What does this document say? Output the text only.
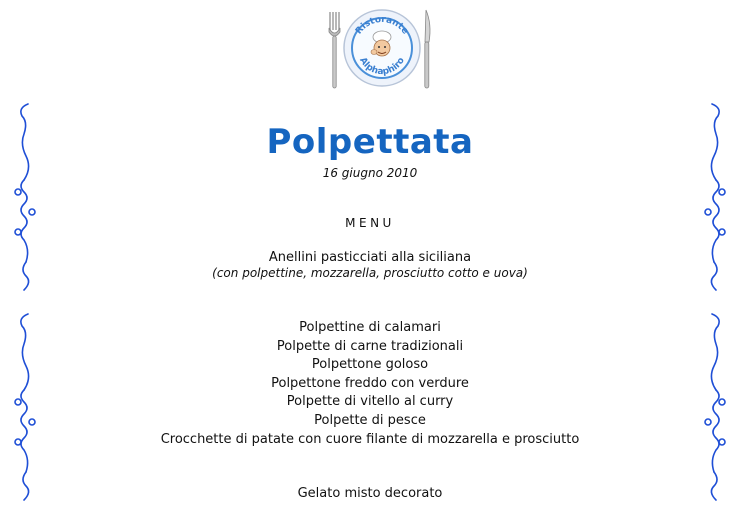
Ristorante
Alphaphiro
Polpettata
16 giugno 2010
MENU
Anellini pasticciati alla siciliana
(con polpettine, mozzarella, prosciutto cotto e uova)
Polpettine di calamari
Polpette di carne tradizionali
Polpettone goloso
Polpettone freddo con verdure
Polpette di vitello al curry
Polpette di pesce
Crocchette di patate con cuore filante di mozzarella e prosciutto
Gelato misto decorato
